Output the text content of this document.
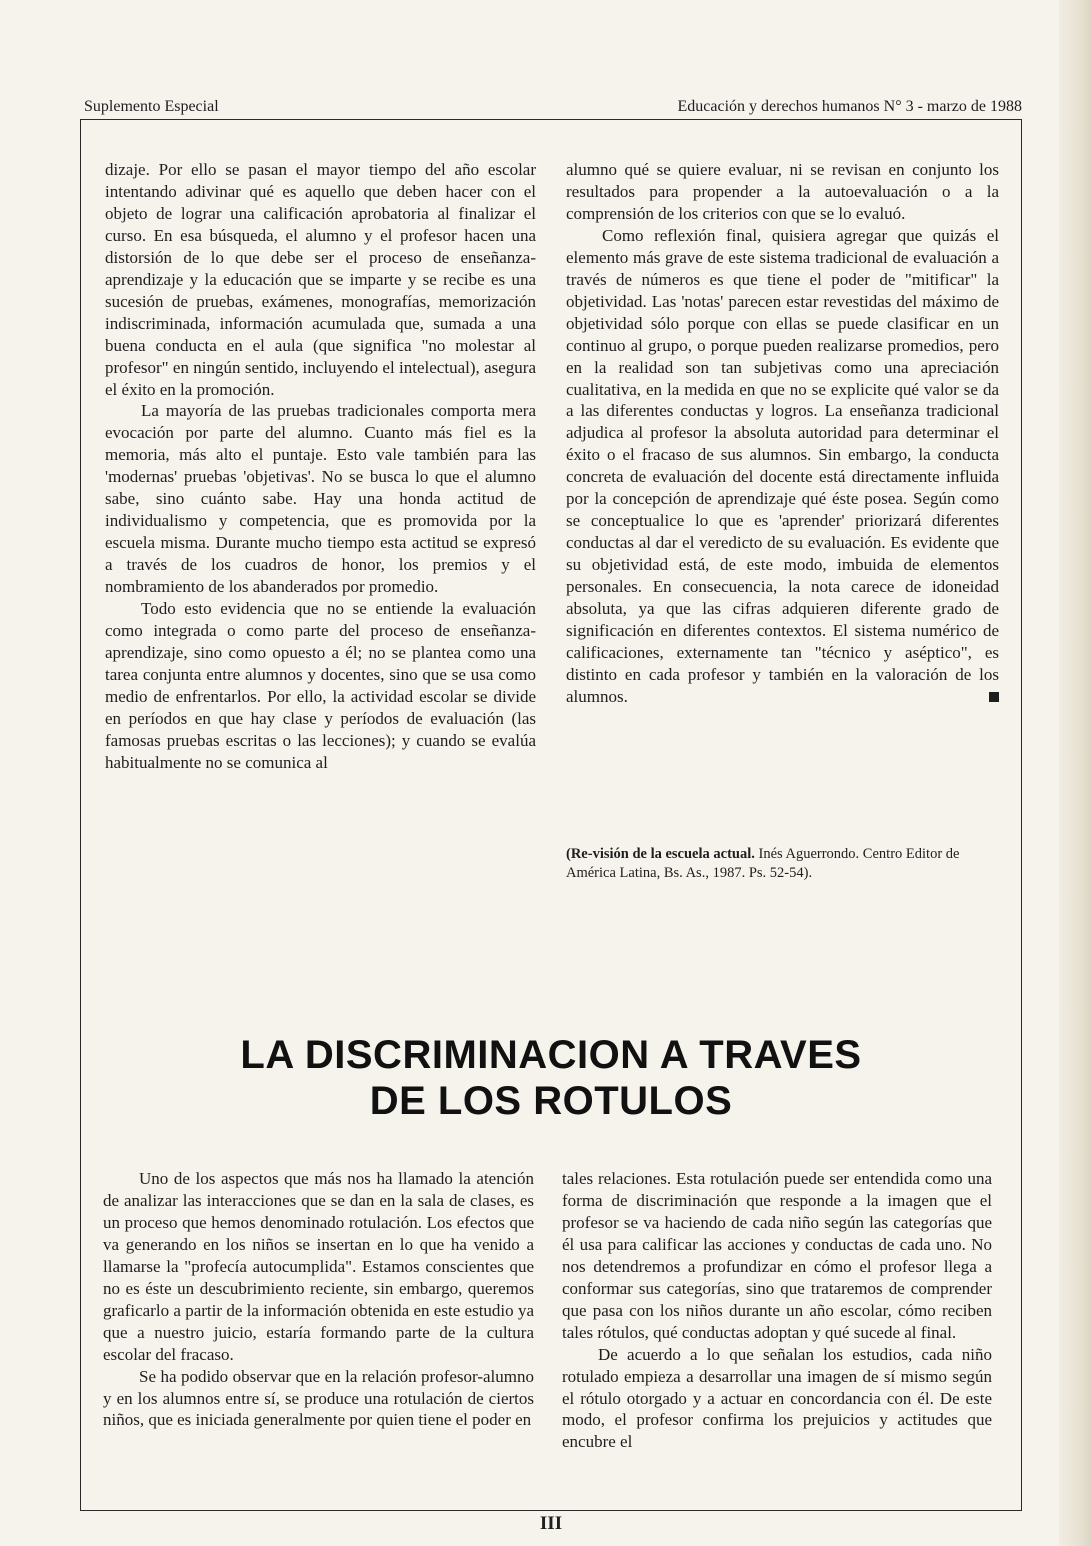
Suplemento Especial	Educación y derechos humanos N° 3 - marzo de 1988

dizaje. Por ello se pasan el mayor tiempo del año escolar intentando adivinar qué es aquello que deben hacer con el objeto de lograr una calificación aprobatoria al finalizar el curso. En esa búsqueda, el alumno y el profesor hacen una distorsión de lo que debe ser el proceso de enseñanza-aprendizaje y la educación que se imparte y se recibe es una sucesión de pruebas, exámenes, monografías, memorización indiscriminada, información acumulada que, sumada a una buena conducta en el aula (que significa "no molestar al profesor" en ningún sentido, incluyendo el intelectual), asegura el éxito en la promoción.

La mayoría de las pruebas tradicionales comporta mera evocación por parte del alumno. Cuanto más fiel es la memoria, más alto el puntaje. Esto vale también para las 'modernas' pruebas 'objetivas'. No se busca lo que el alumno sabe, sino cuánto sabe. Hay una honda actitud de individualismo y competencia, que es promovida por la escuela misma. Durante mucho tiempo esta actitud se expresó a través de los cuadros de honor, los premios y el nombramiento de los abanderados por promedio.

Todo esto evidencia que no se entiende la evaluación como integrada o como parte del proceso de enseñanza-aprendizaje, sino como opuesto a él; no se plantea como una tarea conjunta entre alumnos y docentes, sino que se usa como medio de enfrentarlos. Por ello, la actividad escolar se divide en períodos en que hay clase y períodos de evaluación (las famosas pruebas escritas o las lecciones); y cuando se evalúa habitualmente no se comunica al

alumno qué se quiere evaluar, ni se revisan en conjunto los resultados para propender a la autoevaluación o a la comprensión de los criterios con que se lo evaluó.

Como reflexión final, quisiera agregar que quizás el elemento más grave de este sistema tradicional de evaluación a través de números es que tiene el poder de "mitificar" la objetividad. Las 'notas' parecen estar revestidas del máximo de objetividad sólo porque con ellas se puede clasificar en un continuo al grupo, o porque pueden realizarse promedios, pero en la realidad son tan subjetivas como una apreciación cualitativa, en la medida en que no se explicite qué valor se da a las diferentes conductas y logros. La enseñanza tradicional adjudica al profesor la absoluta autoridad para determinar el éxito o el fracaso de sus alumnos. Sin embargo, la conducta concreta de evaluación del docente está directamente influida por la concepción de aprendizaje qué éste posea. Según como se conceptualice lo que es 'aprender' priorizará diferentes conductas al dar el veredicto de su evaluación. Es evidente que su objetividad está, de este modo, imbuida de elementos personales. En consecuencia, la nota carece de idoneidad absoluta, ya que las cifras adquieren diferente grado de significación en diferentes contextos. El sistema numérico de calificaciones, externamente tan "técnico y aséptico", es distinto en cada profesor y también en la valoración de los alumnos.

(Re-visión de la escuela actual. Inés Aguerrondo. Centro Editor de América Latina, Bs. As., 1987. Ps. 52-54).
LA DISCRIMINACION A TRAVES
DE LOS ROTULOS

Uno de los aspectos que más nos ha llamado la atención de analizar las interacciones que se dan en la sala de clases, es un proceso que hemos denominado rotulación. Los efectos que va generando en los niños se insertan en lo que ha venido a llamarse la "profecía autocumplida". Estamos conscientes que no es éste un descubrimiento reciente, sin embargo, queremos graficarlo a partir de la información obtenida en este estudio ya que a nuestro juicio, estaría formando parte de la cultura escolar del fracaso.

Se ha podido observar que en la relación profesor-alumno y en los alumnos entre sí, se produce una rotulación de ciertos niños, que es iniciada generalmente por quien tiene el poder en

tales relaciones. Esta rotulación puede ser entendida como una forma de discriminación que responde a la imagen que el profesor se va haciendo de cada niño según las categorías que él usa para calificar las acciones y conductas de cada uno. No nos detendremos a profundizar en cómo el profesor llega a conformar sus categorías, sino que trataremos de comprender que pasa con los niños durante un año escolar, cómo reciben tales rótulos, qué conductas adoptan y qué sucede al final.

De acuerdo a lo que señalan los estudios, cada niño rotulado empieza a desarrollar una imagen de sí mismo según el rótulo otorgado y a actuar en concordancia con él. De este modo, el profesor confirma los prejuicios y actitudes que encubre el

III
